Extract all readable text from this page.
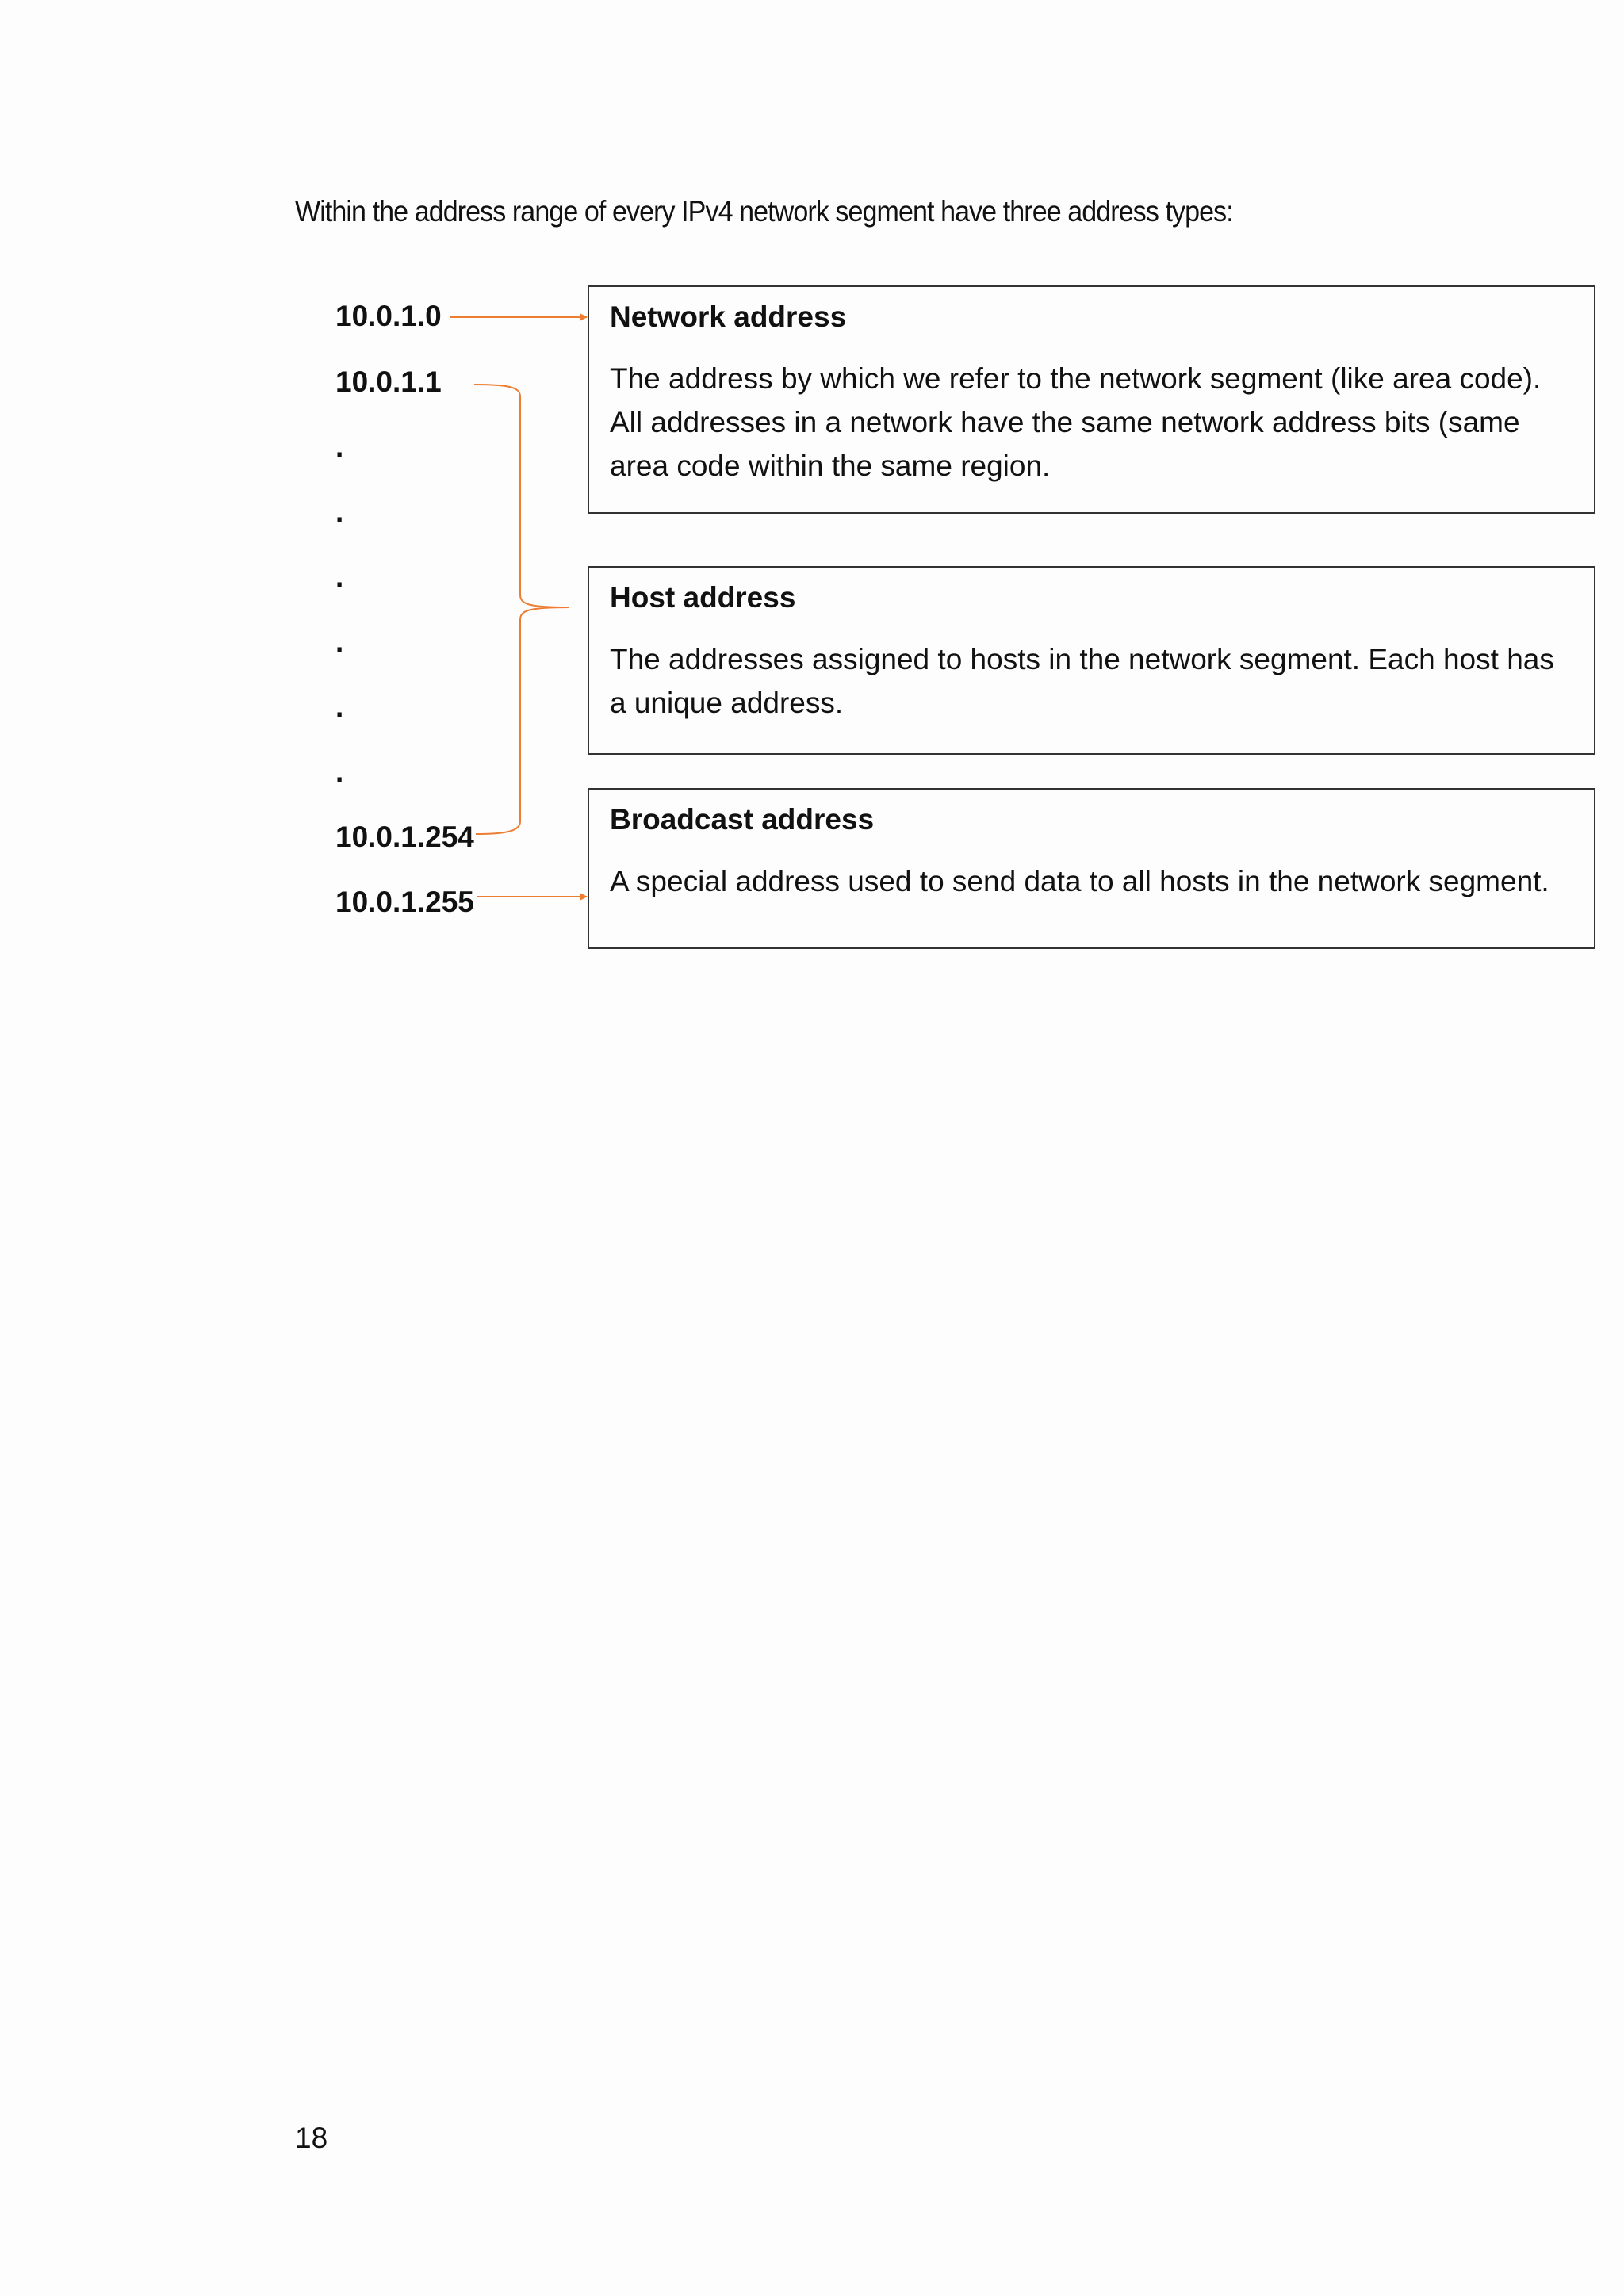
Within the address range of every IPv4 network segment have three address types:

10.0.1.0
10.0.1.1
.
.
.
.
.
.
10.0.1.254
10.0.1.255

Network address

The address by which we refer to the network segment (like area code). All addresses in a network have the same network address bits (same area code within the same region.

Host address

The addresses assigned to hosts in the network segment. Each host has a unique address.

Broadcast address

A special address used to send data to all hosts in the network segment.

18
